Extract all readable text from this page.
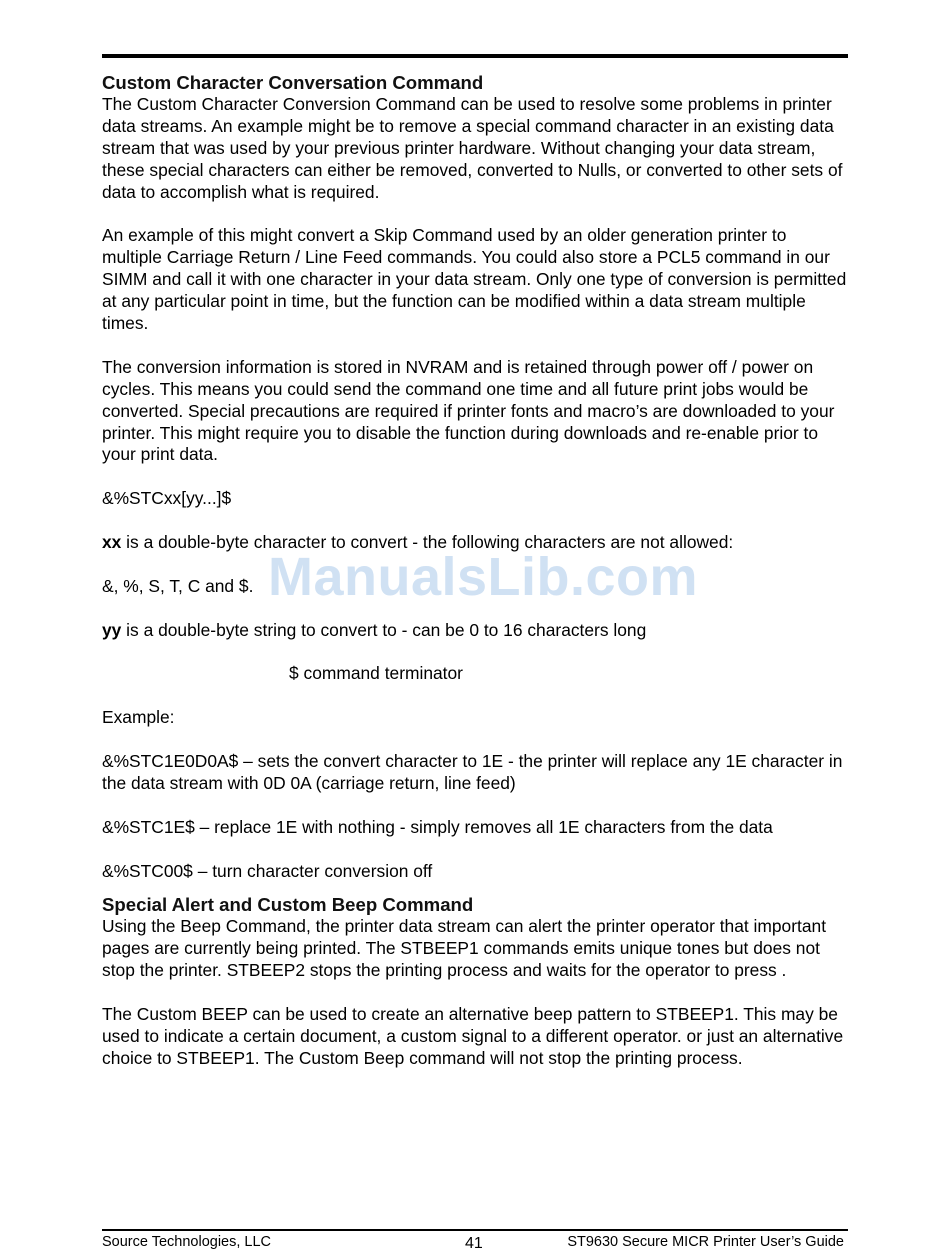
Custom Character Conversation Command

The Custom Character Conversion Command can be used to resolve some problems in printer data streams. An example might be to remove a special command character in an existing data stream that was used by your previous printer hardware. Without changing your data stream, these special characters can either be removed, converted to Nulls, or converted to other sets of data to accomplish what is required.

An example of this might convert a Skip Command used by an older generation printer to multiple Carriage Return / Line Feed commands. You could also store a PCL5 command in our SIMM and call it with one character in your data stream. Only one type of conversion is permitted at any particular point in time, but the function can be modified within a data stream multiple times.

The conversion information is stored in NVRAM and is retained through power off / power on cycles. This means you could send the command one time and all future print jobs would be converted. Special precautions are required if printer fonts and macro’s are downloaded to your printer. This might require you to disable the function during downloads and re-enable prior to your print data.

&%STCxx[yy...]$

xx is a double-byte character to convert - the following characters are not allowed:

&, %, S, T, C and $.

yy is a double-byte string to convert to - can be 0 to 16 characters long

$ command terminator

Example:

&%STC1E0D0A$ – sets the convert character to 1E - the printer will replace any 1E character in the data stream with 0D 0A (carriage return, line feed)

&%STC1E$ – replace 1E with nothing - simply removes all 1E characters from the data

&%STC00$ – turn character conversion off

Special Alert and Custom Beep Command

Using the Beep Command, the printer data stream can alert the printer operator that important pages are currently being printed. The STBEEP1 commands emits unique tones but does not stop the printer. STBEEP2 stops the printing process and waits for the operator to press .

The Custom BEEP can be used to create an alternative beep pattern to STBEEP1. This may be used to indicate a certain document, a custom signal to a different operator. or just an alternative choice to STBEEP1. The Custom Beep command will not stop the printing process.

ManualsLib.com
Source Technologies, LLC	41	ST9630 Secure MICR Printer User’s Guide
